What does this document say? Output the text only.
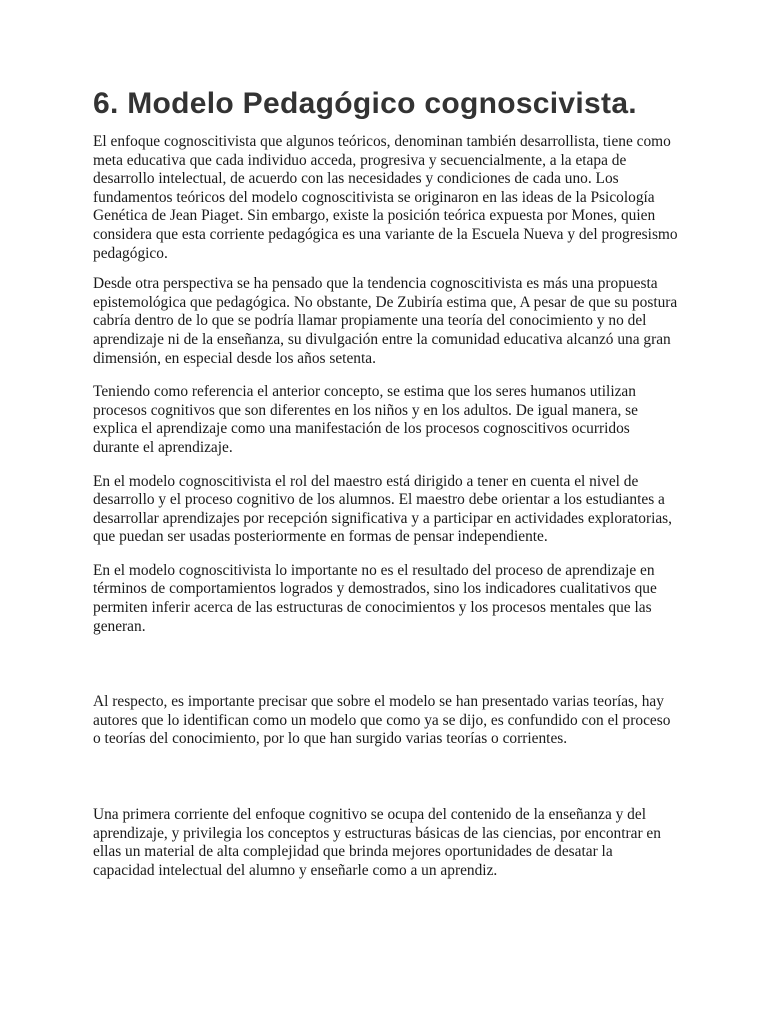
6. Modelo Pedagógico cognoscivista.

El enfoque cognoscitivista que algunos teóricos, denominan también desarrollista, tiene como meta educativa que cada individuo acceda, progresiva y secuencialmente, a la etapa de desarrollo intelectual, de acuerdo con las necesidades y condiciones de cada uno. Los fundamentos teóricos del modelo cognoscitivista se originaron en las ideas de la Psicología Genética de Jean Piaget. Sin embargo, existe la posición teórica expuesta por Mones, quien considera que esta corriente pedagógica es una variante de la Escuela Nueva y del progresismo pedagógico.

Desde otra perspectiva se ha pensado que la tendencia cognoscitivista es más una propuesta epistemológica que pedagógica. No obstante, De Zubiría estima que, A pesar de que su postura cabría dentro de lo que se podría llamar propiamente una teoría del conocimiento y no del aprendizaje ni de la enseñanza, su divulgación entre la comunidad educativa alcanzó una gran dimensión, en especial desde los años setenta.

Teniendo como referencia el anterior concepto, se estima que los seres humanos utilizan procesos cognitivos que son diferentes en los niños y en los adultos. De igual manera, se explica el aprendizaje como una manifestación de los procesos cognoscitivos ocurridos durante el aprendizaje.

En el modelo cognoscitivista el rol del maestro está dirigido a tener en cuenta el nivel de desarrollo y el proceso cognitivo de los alumnos. El maestro debe orientar a los estudiantes a desarrollar aprendizajes por recepción significativa y a participar en actividades exploratorias, que puedan ser usadas posteriormente en formas de pensar independiente.

En el modelo cognoscitivista lo importante no es el resultado del proceso de aprendizaje en términos de comportamientos logrados y demostrados, sino los indicadores cualitativos que permiten inferir acerca de las estructuras de conocimientos y los procesos mentales que las generan.

Al respecto, es importante precisar que sobre el modelo se han presentado varias teorías, hay autores que lo identifican como un modelo que como ya se dijo, es confundido con el proceso o teorías del conocimiento, por lo que han surgido varias teorías o corrientes.

Una primera corriente del enfoque cognitivo se ocupa del contenido de la enseñanza y del aprendizaje, y privilegia los conceptos y estructuras básicas de las ciencias, por encontrar en ellas un material de alta complejidad que brinda mejores oportunidades de desatar la capacidad intelectual del alumno y enseñarle como a un aprendiz.
